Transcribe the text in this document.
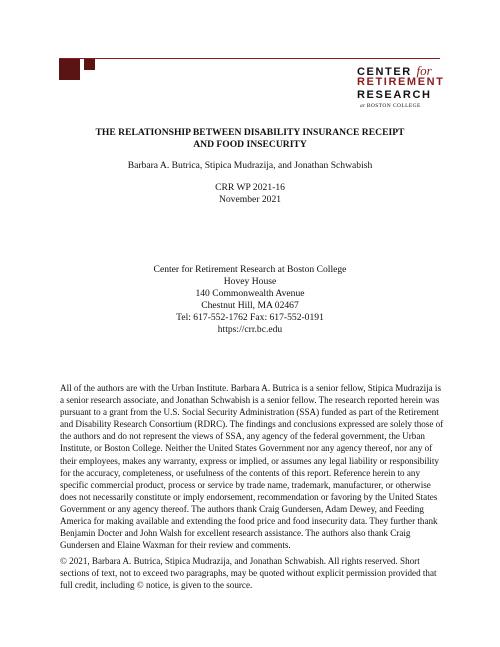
CENTER for
RETIREMENT
RESEARCH
at BOSTON COLLEGE
THE RELATIONSHIP BETWEEN DISABILITY INSURANCE RECEIPT
AND FOOD INSECURITY
Barbara A. Butrica, Stipica Mudrazija, and Jonathan Schwabish
CRR WP 2021-16
November 2021
Center for Retirement Research at Boston College
Hovey House
140 Commonwealth Avenue
Chestnut Hill, MA 02467
Tel: 617-552-1762 Fax: 617-552-0191
https://crr.bc.edu
All of the authors are with the Urban Institute. Barbara A. Butrica is a senior fellow, Stipica Mudrazija is a senior research associate, and Jonathan Schwabish is a senior fellow. The research reported herein was pursuant to a grant from the U.S. Social Security Administration (SSA) funded as part of the Retirement and Disability Research Consortium (RDRC). The findings and conclusions expressed are solely those of the authors and do not represent the views of SSA, any agency of the federal government, the Urban Institute, or Boston College. Neither the United States Government nor any agency thereof, nor any of their employees, makes any warranty, express or implied, or assumes any legal liability or responsibility for the accuracy, completeness, or usefulness of the contents of this report. Reference herein to any specific commercial product, process or service by trade name, trademark, manufacturer, or otherwise does not necessarily constitute or imply endorsement, recommendation or favoring by the United States Government or any agency thereof. The authors thank Craig Gundersen, Adam Dewey, and Feeding America for making available and extending the food price and food insecurity data. They further thank Benjamin Docter and John Walsh for excellent research assistance. The authors also thank Craig Gundersen and Elaine Waxman for their review and comments.
© 2021, Barbara A. Butrica, Stipica Mudrazija, and Jonathan Schwabish. All rights reserved. Short sections of text, not to exceed two paragraphs, may be quoted without explicit permission provided that full credit, including © notice, is given to the source.
